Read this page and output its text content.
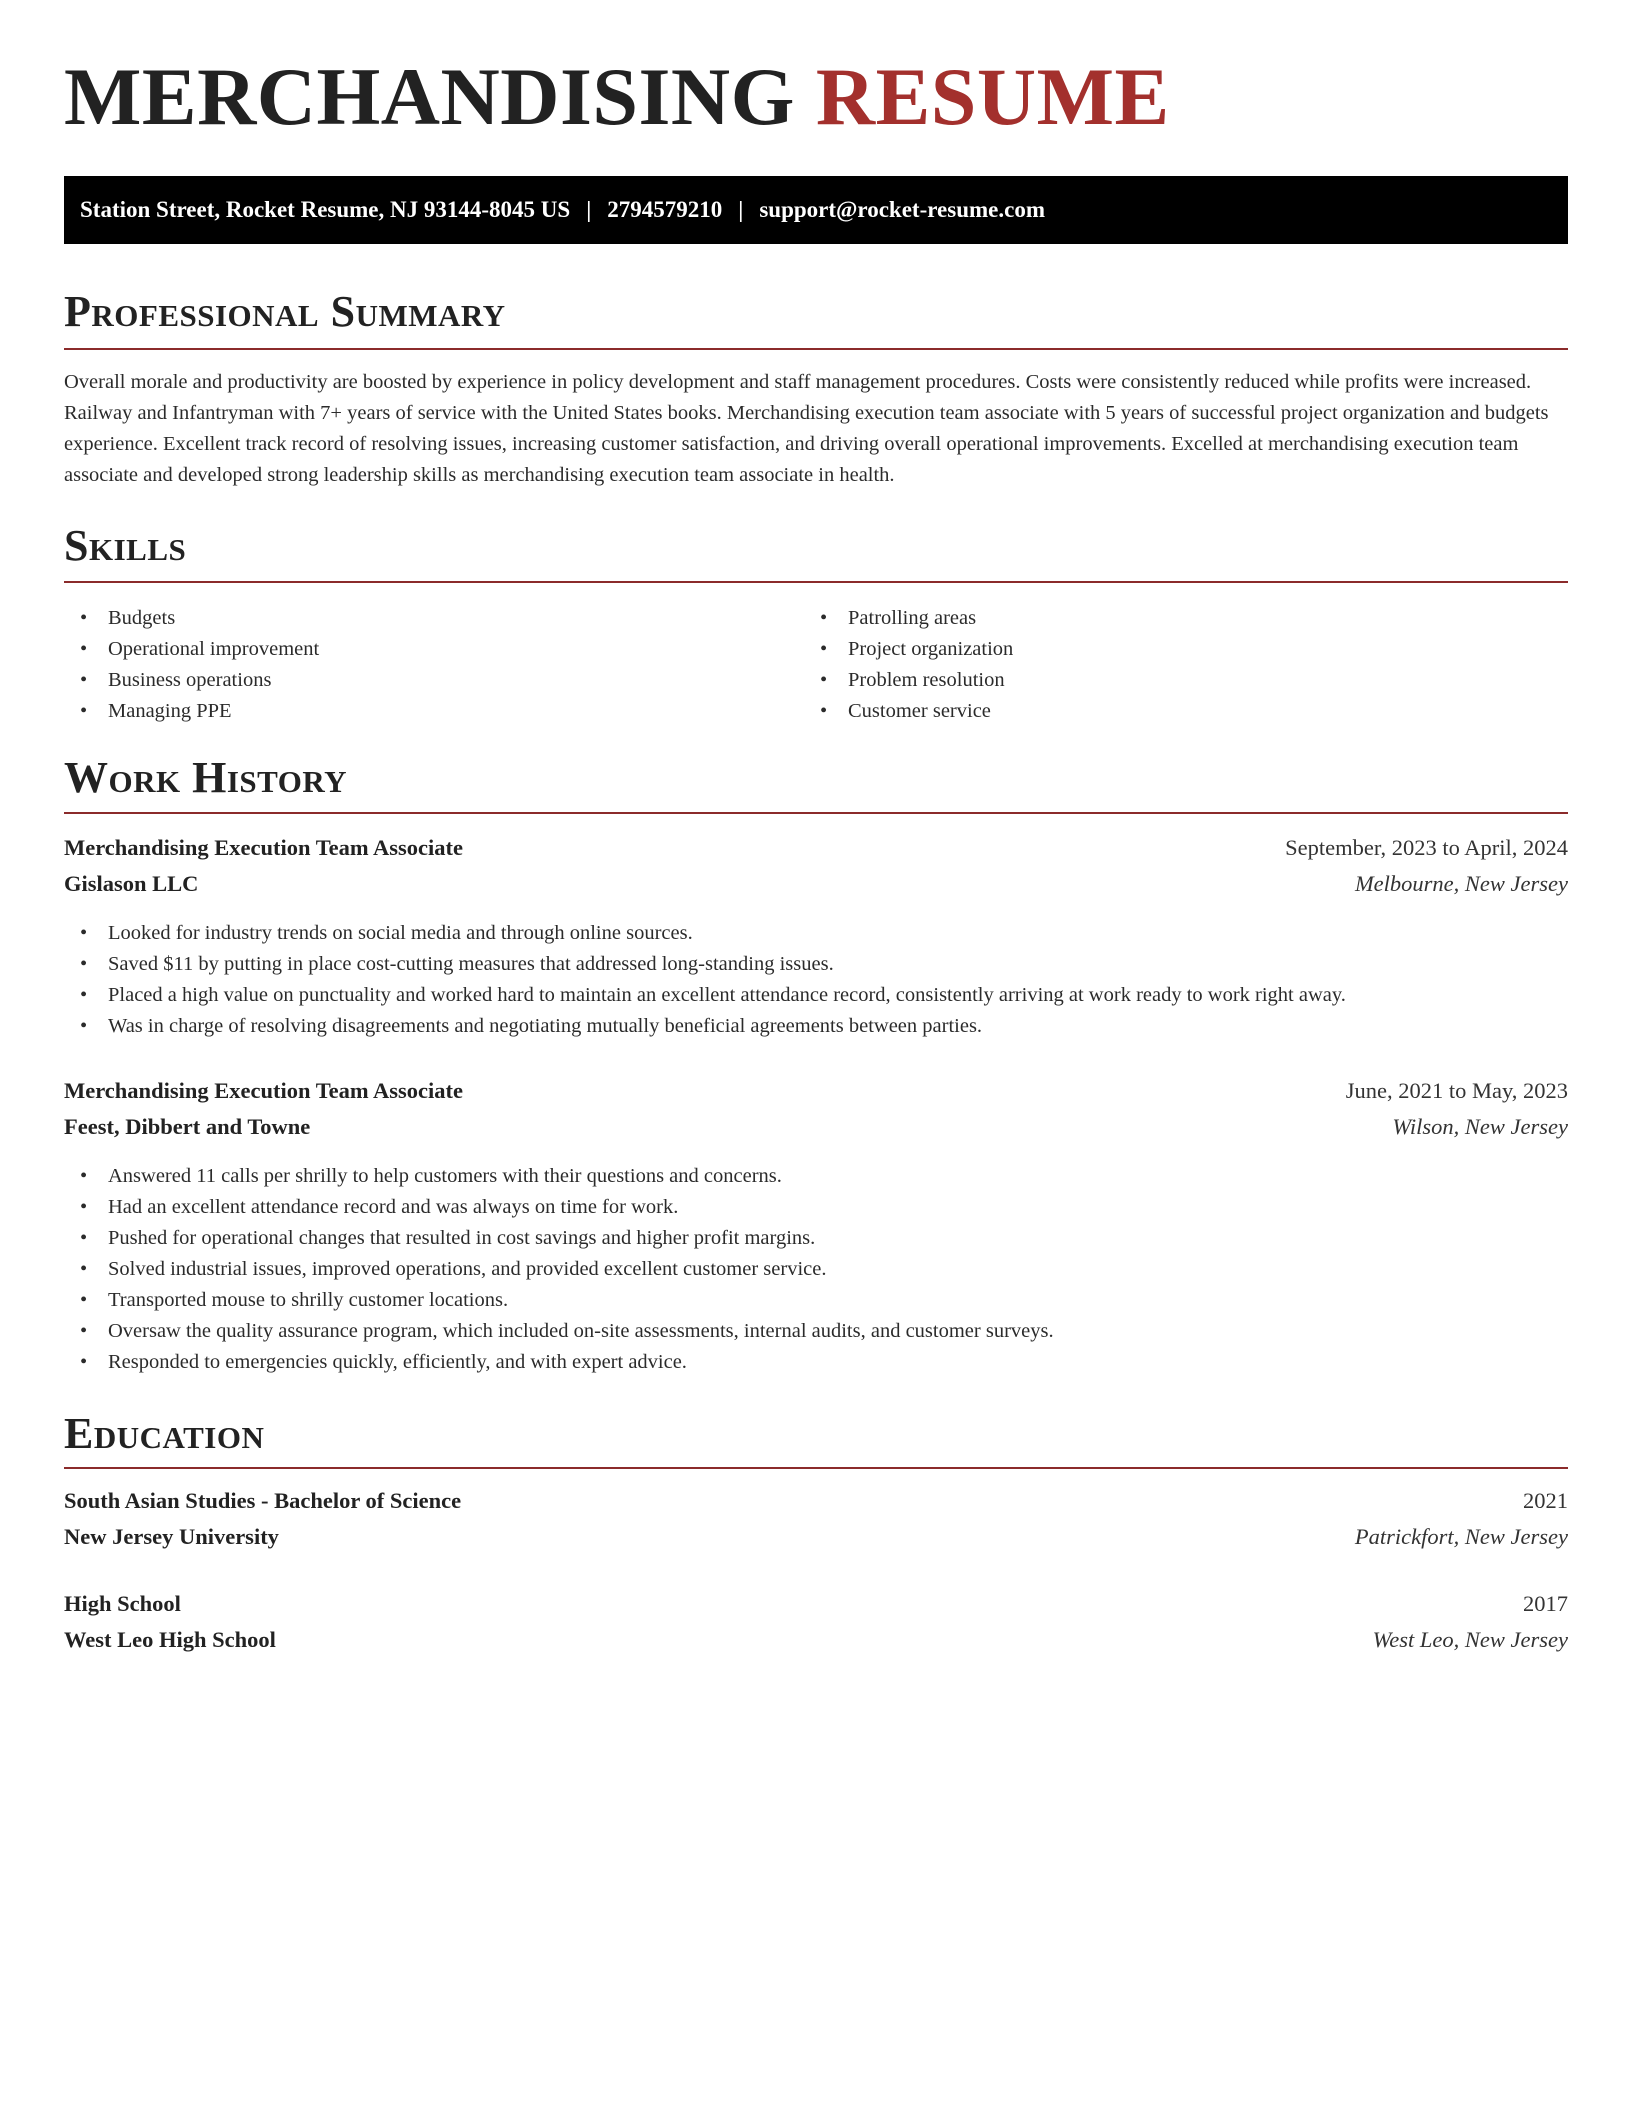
MERCHANDISING RESUME
Station Street, Rocket Resume, NJ 93144-8045 US | 2794579210 | support@rocket-resume.com
Professional Summary

Overall morale and productivity are boosted by experience in policy development and staff management procedures. Costs were consistently reduced while profits were increased. Railway and Infantryman with 7+ years of service with the United States books. Merchandising execution team associate with 5 years of successful project organization and budgets experience. Excellent track record of resolving issues, increasing customer satisfaction, and driving overall operational improvements. Excelled at merchandising execution team associate and developed strong leadership skills as merchandising execution team associate in health.

Skills
• Budgets
• Operational improvement
• Business operations
• Managing PPE
• Patrolling areas
• Project organization
• Problem resolution
• Customer service
Work History
Merchandising Execution Team Associate	September, 2023 to April, 2024
Gislason LLC	Melbourne, New Jersey
• Looked for industry trends on social media and through online sources.
• Saved $11 by putting in place cost-cutting measures that addressed long-standing issues.
• Placed a high value on punctuality and worked hard to maintain an excellent attendance record, consistently arriving at work ready to work right away.
• Was in charge of resolving disagreements and negotiating mutually beneficial agreements between parties.
Merchandising Execution Team Associate	June, 2021 to May, 2023
Feest, Dibbert and Towne	Wilson, New Jersey
• Answered 11 calls per shrilly to help customers with their questions and concerns.
• Had an excellent attendance record and was always on time for work.
• Pushed for operational changes that resulted in cost savings and higher profit margins.
• Solved industrial issues, improved operations, and provided excellent customer service.
• Transported mouse to shrilly customer locations.
• Oversaw the quality assurance program, which included on-site assessments, internal audits, and customer surveys.
• Responded to emergencies quickly, efficiently, and with expert advice.
Education
South Asian Studies - Bachelor of Science	2021
New Jersey University	Patrickfort, New Jersey
High School	2017
West Leo High School	West Leo, New Jersey
